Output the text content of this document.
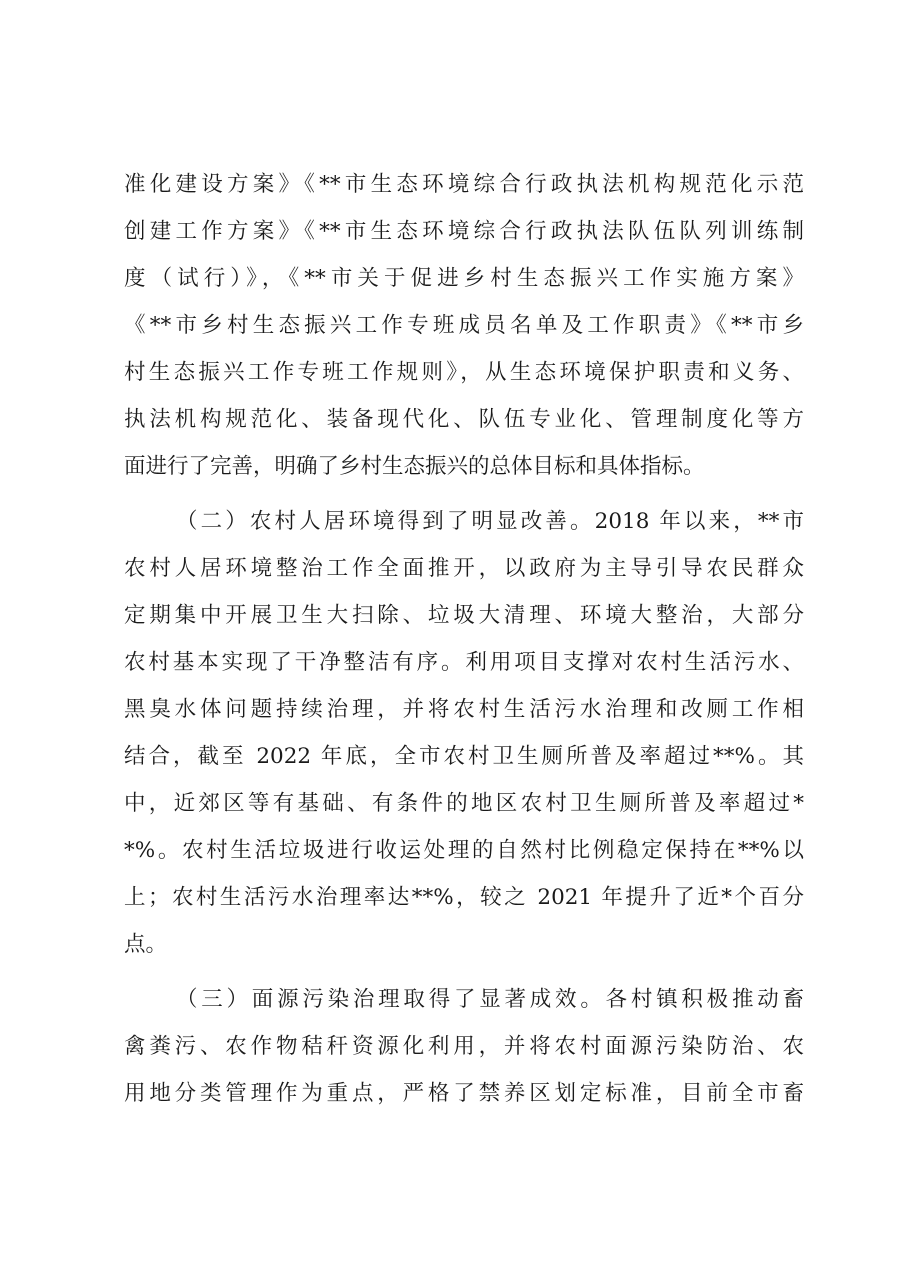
准化建设方案》《**市生态环境综合行政执法机构规范化示范
创建工作方案》《**市生态环境综合行政执法队伍队列训练制
度（试行）》，《**市关于促进乡村生态振兴工作实施方案》
《**市乡村生态振兴工作专班成员名单及工作职责》《**市乡
村生态振兴工作专班工作规则》，从生态环境保护职责和义务、
执法机构规范化、装备现代化、队伍专业化、管理制度化等方
面进行了完善，明确了乡村生态振兴的总体目标和具体指标。
（二）农村人居环境得到了明显改善。2018 年以来，**市
农村人居环境整治工作全面推开，以政府为主导引导农民群众
定期集中开展卫生大扫除、垃圾大清理、环境大整治，大部分
农村基本实现了干净整洁有序。利用项目支撑对农村生活污水、
黑臭水体问题持续治理，并将农村生活污水治理和改厕工作相
结合，截至 2022 年底，全市农村卫生厕所普及率超过**%。其
中，近郊区等有基础、有条件的地区农村卫生厕所普及率超过*
*%。农村生活垃圾进行收运处理的自然村比例稳定保持在**%以
上；农村生活污水治理率达**%，较之 2021 年提升了近*个百分
点。
（三）面源污染治理取得了显著成效。各村镇积极推动畜
禽粪污、农作物秸秆资源化利用，并将农村面源污染防治、农
用地分类管理作为重点，严格了禁养区划定标准，目前全市畜
